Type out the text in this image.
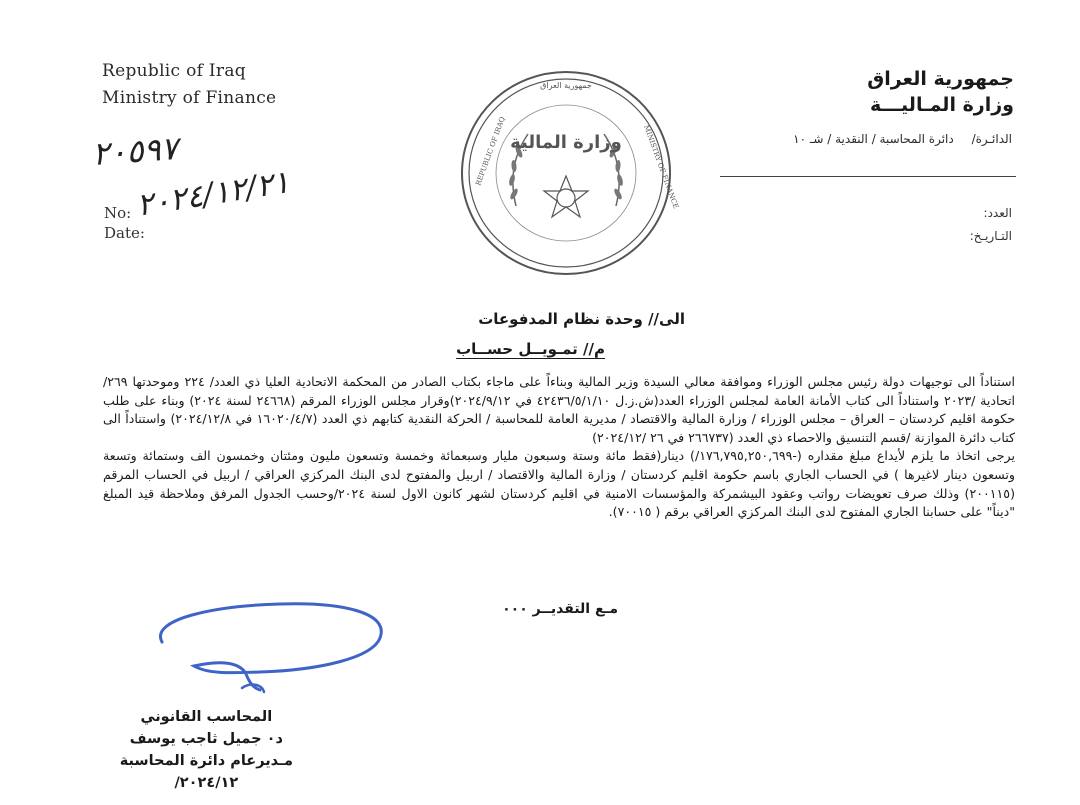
Republic of Iraq
Ministry of Finance
جمهورية العراق
وزارة المـاليـــة
الدائـرة/ دائرة المحاسبة / النقدية / شـ ١٠
العدد:
التـاريـخ:
وزارة المالية
جمهورية العراق
REPUBLIC OF IRAQ	MINISTRY OF FINANCE
٢٠٥٩٧
٢٠٢٤/١٢/٢١
No:
Date:
الى// وحدة نظام المدفوعات
م// تمـويــل حســاب

استناداً الى توجيهات دولة رئيس مجلس الوزراء وموافقة معالي السيدة وزير المالية وبناءاً على ماجاء بكتاب الصادر من المحكمة الاتحادية العليا ذي العدد/ ٢٢٤ وموحدتها ٢٦٩/ اتحادية /٢٠٢٣ واستناداً الى كتاب الأمانة العامة لمجلس الوزراء العدد(ش.ز.ل ٤٢٤٣٦/٥/١/١٠ في ٢٠٢٤/٩/١٢)وقرار مجلس الوزراء المرقم (٢٤٦٦٨ لسنة ٢٠٢٤) وبناء على طلب حكومة اقليم كردستان – العراق – مجلس الوزراء / وزارة المالية والاقتصاد / مديرية العامة للمحاسبة / الحركة النقدية كتابهم ذي العدد (١٦٠٢٠/٤/٧ في ٢٠٢٤/١٢/٨) واستناداً الى كتاب دائرة الموازنة /قسم التنسيق والاحصاء ذي العدد (٢٦٦٧٣٧ في ٢٦ /٢٠٢٤/١٢)

يرجى اتخاذ ما يلزم لأيداع مبلغ مقداره (-١٧٦,٧٩٥,٢٥٠,٦٩٩/) دينار(فقط مائة وستة وسبعون مليار وسبعمائة وخمسة وتسعون مليون ومئتان وخمسون الف وستمائة وتسعة وتسعون دينار لاغيرها ) في الحساب الجاري باسم حكومة اقليم كردستان / وزارة المالية والاقتصاد / اربيل والمفتوح لدى البنك المركزي العراقي / اربيل في الحساب المرقم (٢٠٠١١٥) وذلك صرف تعويضات رواتب وعقود البيشمركة والمؤسسات الامنية في اقليم كردستان لشهر كانون الاول لسنة ٢٠٢٤/وحسب الجدول المرفق وملاحظة قيد المبلغ "ديناً" على حسابنا الجاري المفتوح لدى البنك المركزي العراقي برقم ( ٧٠٠١٥).

مـع التقديــر ٠٠٠
المحاسب القانوني
د٠ جميل ثاجب يوسف
مـديرعام دائرة المحاسبة
٢٠٢٤/١٢/
